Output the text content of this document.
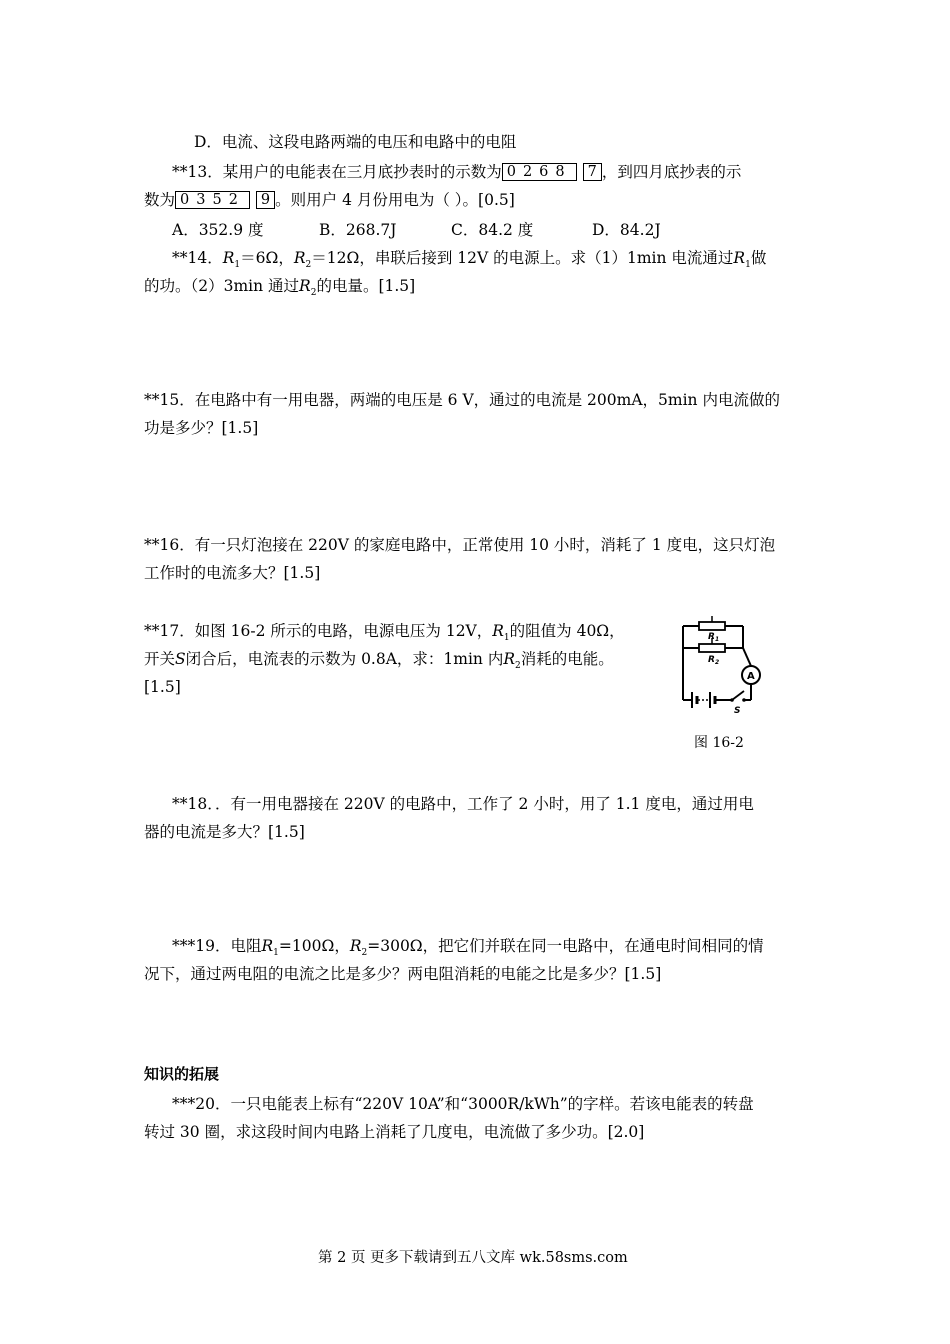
D．电流、这段电路两端的电压和电路中的电阻
**13．某用户的电能表在三月底抄表时的示数为 0268 7 ，到四月底抄表的示
数为 0352 9 。则用户 4 月份用电为（ ）。[0.5]
A．352.9 度	B．268.7J	C．84.2 度	D．84.2J
**14．$R_1=6\Omega$，$R_2=12\Omega$，串联后接到 12V 的电源上。求（1）1min 电流通过$R_1$做
的功。（2）3min 通过$R_2$的电量。[1.5]
**15．在电路中有一用电器，两端的电压是 6 V，通过的电流是 200mA，5min 内电流做的
功是多少？[1.5]
**16．有一只灯泡接在 220V 的家庭电路中，正常使用 10 小时，消耗了 1 度电，这只灯泡
工作时的电流多大？[1.5]
**17．如图 16-2 所示的电路，电源电压为 12V，$R_1$的阻值为 40Ω，
开关S闭合后，电流表的示数为 0.8A，求：1min 内$R_2$消耗的电能。
[1.5]
$R_1$
$R_2$
A
S
图 16-2
**18．．有一用电器接在 220V 的电路中，工作了 2 小时，用了 1.1 度电，通过用电
器的电流是多大？[1.5]
***19．电阻$R_1=100\Omega$，$R_2=300\Omega$，把它们并联在同一电路中，在通电时间相同的情
况下，通过两电阻的电流之比是多少？两电阻消耗的电能之比是多少？[1.5]
知识的拓展
***20．一只电能表上标有“220V 10A”和“3000R/kWh”的字样。若该电能表的转盘
转过 30 圈，求这段时间内电路上消耗了几度电，电流做了多少功。[2.0]
第 2 页 更多下载请到五八文库 wk.58sms.com
